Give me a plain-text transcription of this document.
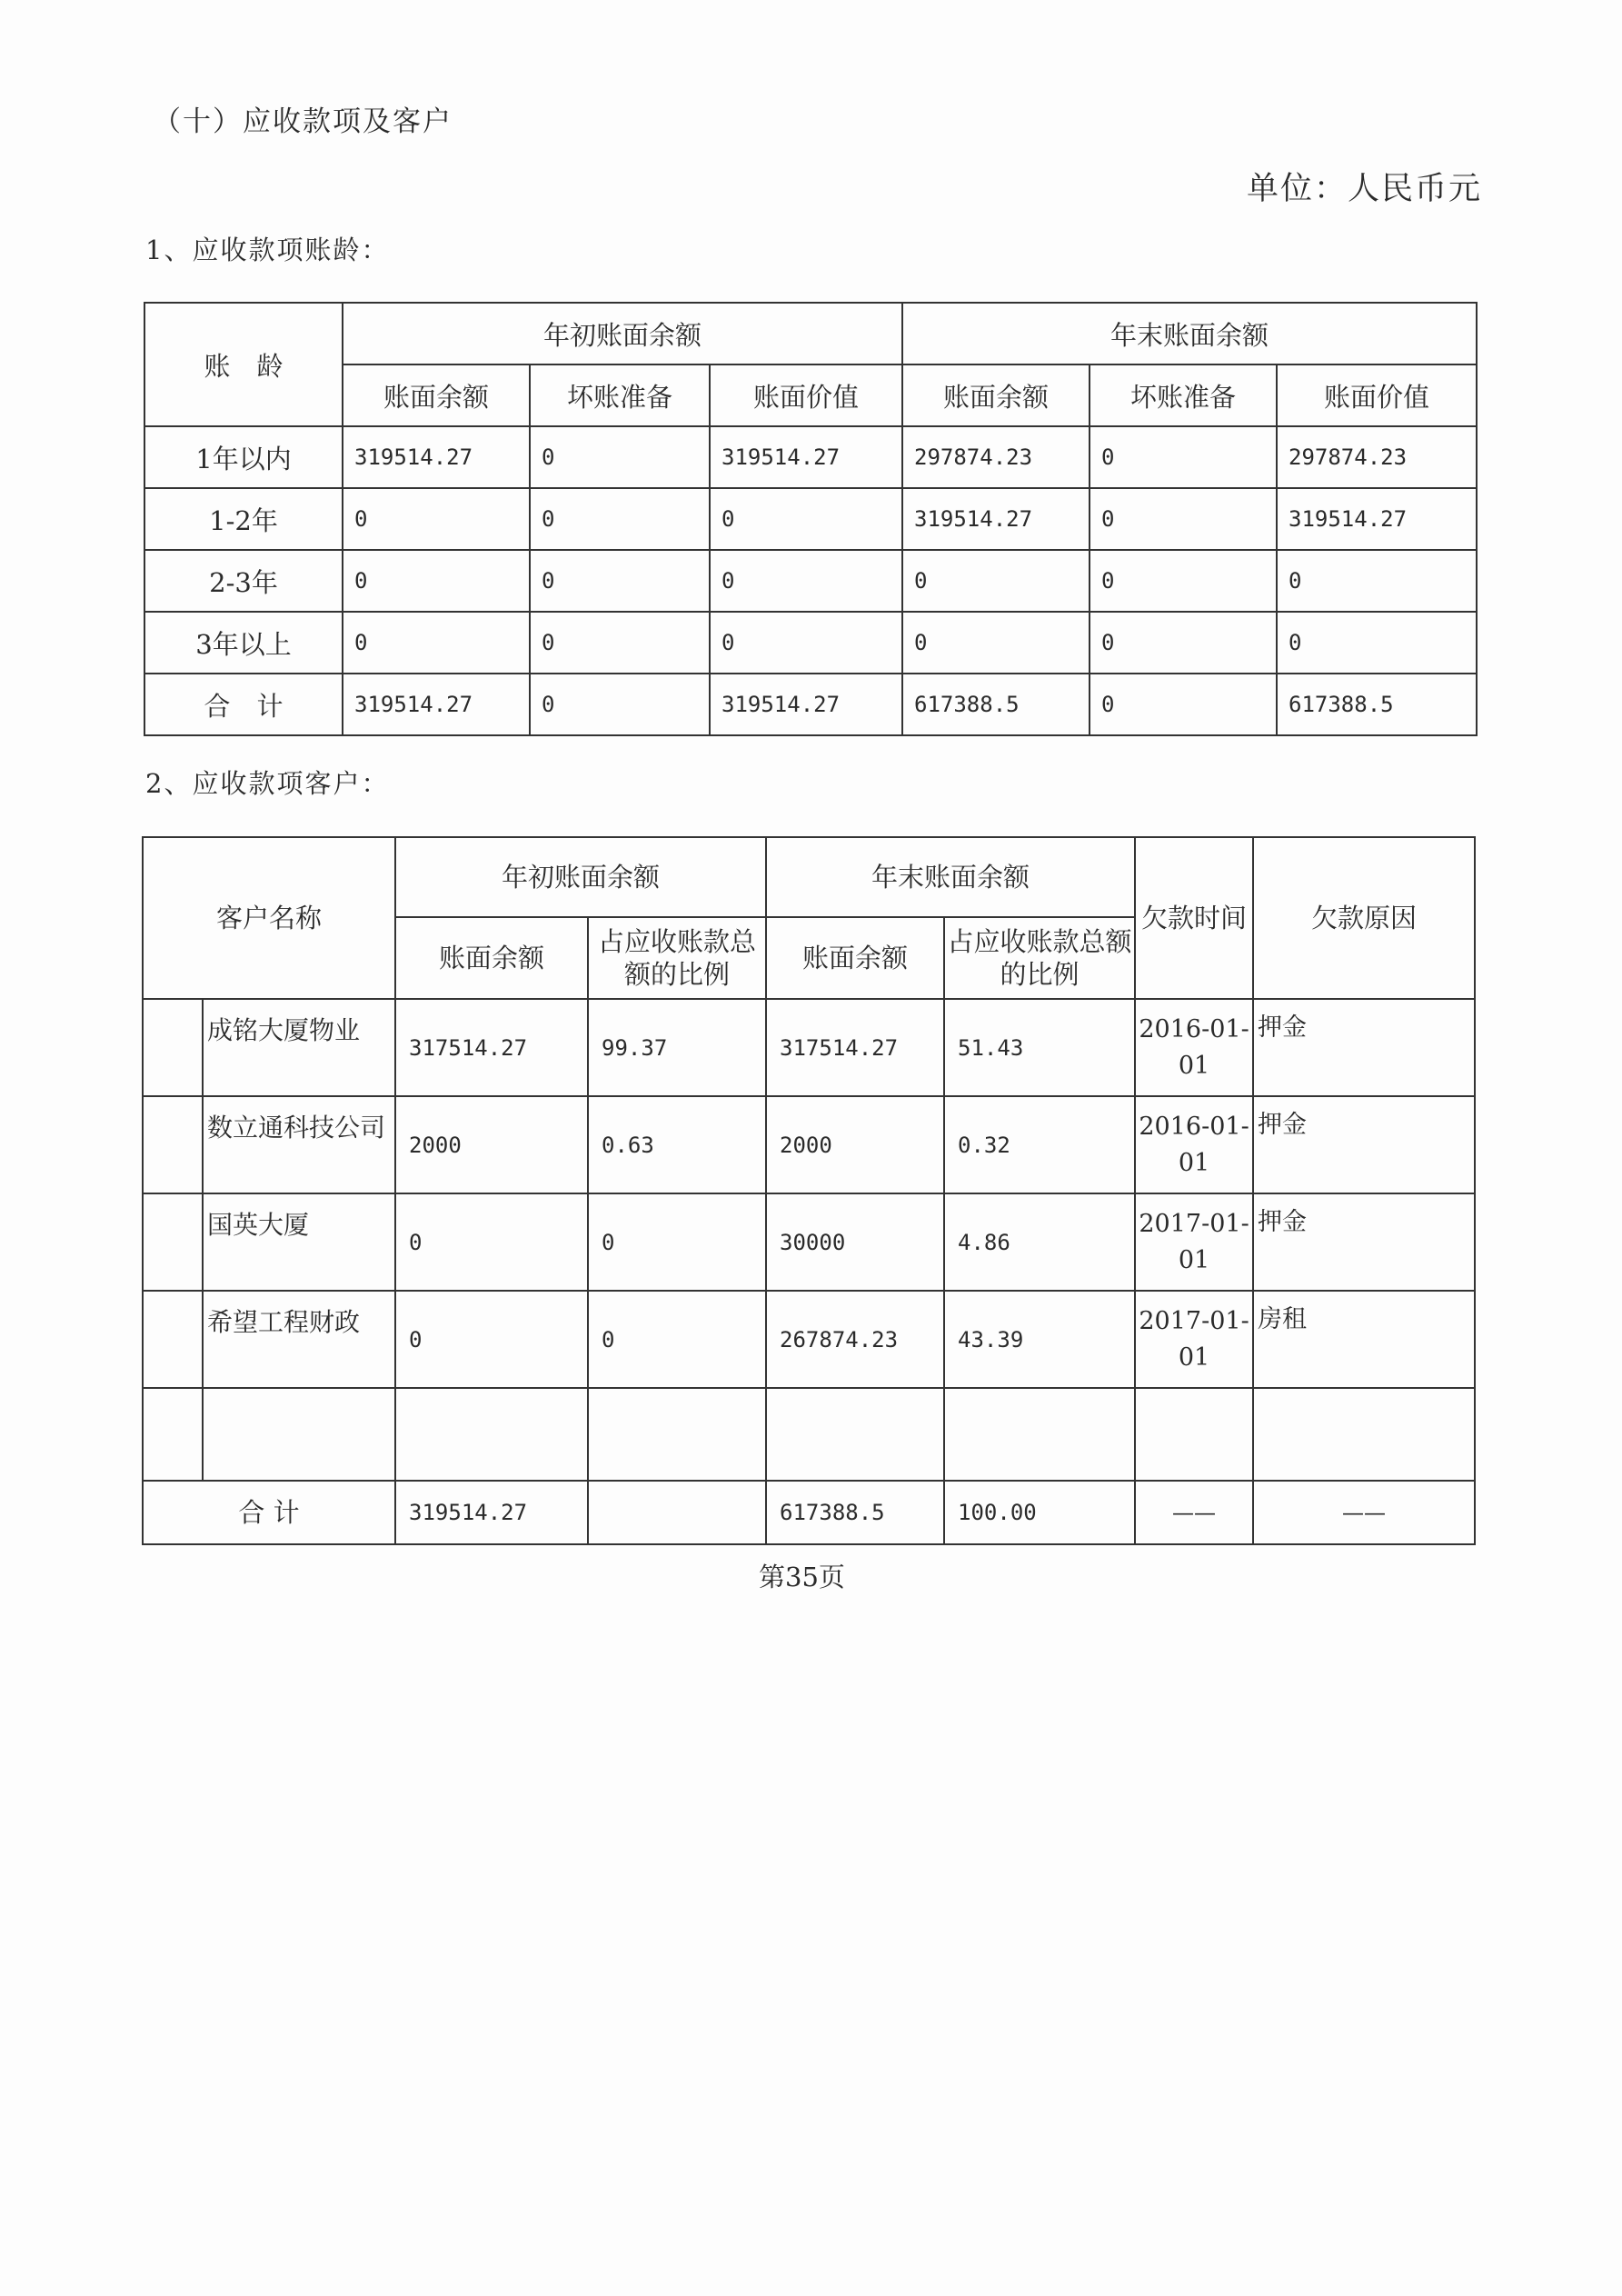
（十）应收款项及客户
单位：人民币元
1、应收款项账龄：
账　龄	年初账面余额			年末账面余额		
	账面余额	坏账准备	账面价值	账面余额	坏账准备	账面价值
1年以内	319514.27	0	319514.27	297874.23	0	297874.23
1-2年	0	0	0	319514.27	0	319514.27
2-3年	0	0	0	0	0	0
3年以上	0	0	0	0	0	0
合　计	319514.27	0	319514.27	617388.5	0	617388.5
2、应收款项客户：
客户名称		年初账面余额		年末账面余额		欠款时间	欠款原因
		账面余额	占应收账款总额的比例	账面余额	占应收账款总额的比例		
	成铭大厦物业	317514.27	99.37	317514.27	51.43	2016-01-01	押金
	数立通科技公司	2000	0.63	2000	0.32	2016-01-01	押金
	国英大厦	0	0	30000	4.86	2017-01-01	押金
	希望工程财政	0	0	267874.23	43.39	2017-01-01	房租

合 计		319514.27		617388.5	100.00	——	——
第35页
